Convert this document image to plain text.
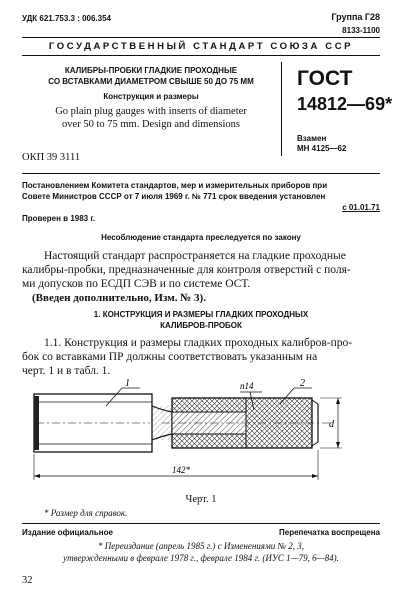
УДК 621.753.3 : 006.354	Группа Г28
8133-1100
ГОСУДАРСТВЕННЫЙ СТАНДАРТ СОЮЗА ССР
КАЛИБРЫ-ПРОБКИ ГЛАДКИЕ ПРОХОДНЫЕ
СО ВСТАВКАМИ ДИАМЕТРОМ СВЫШЕ 50 ДО 75 ММ
Конструкция и размеры
Go plain plug gauges with inserts of diameter
over 50 to 75 mm. Design and dimensions
ГОСТ
14812—69*
Взамен
МН 4125—62
ОКП 39 3111
Постановлением Комитета стандартов, мер и измерительных приборов при
Совете Министров СССР от 7 июля 1969 г. № 771 срок введения установлен
с 01.01.71
Проверен в 1983 г.
Несоблюдение стандарта преследуется по закону
Настоящий стандарт распространяется на гладкие проходные
калибры-пробки, предназначенные для контроля отверстий с поля-
ми допусков по ЕСДП СЭВ и по системе ОСТ.
(Введен дополнительно, Изм. № 3).
1. КОНСТРУКЦИЯ И РАЗМЕРЫ ГЛАДКИХ ПРОХОДНЫХ
КАЛИБРОВ-ПРОБОК
1.1. Конструкция и размеры гладких проходных калибров-про-
бок со вставками ПР должны соответствовать указанным на
черт. 1 и в табл. 1.
1	2
п14
d
142*
Черт. 1
* Размер для справок.
Издание официальное	Перепечатка воспрещена
* Переиздание (апрель 1985 г.) с Изменениями № 2, 3,
утвержденными в феврале 1978 г., феврале 1984 г. (ИУС 1—79, 6—84).
32
